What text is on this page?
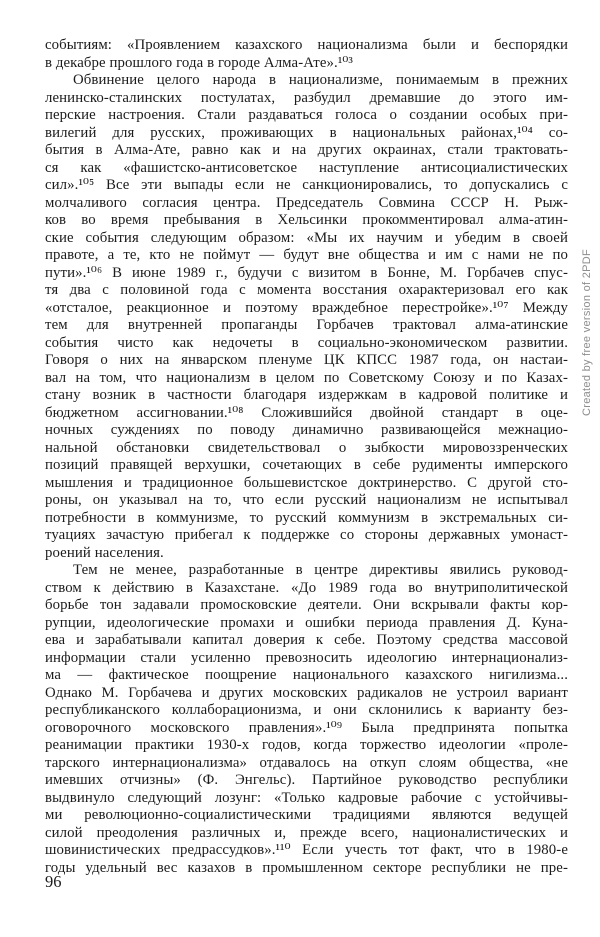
событиям: «Проявлением казахского национализма были и беспорядки
в декабре прошлого года в городе Алма-Ате».¹⁰³
Обвинение целого народа в национализме, понимаемым в прежних
ленинско-сталинских постулатах, разбудил дремавшие до этого им-
перские настроения. Стали раздаваться голоса о создании особых при-
вилегий для русских, проживающих в национальных районах,¹⁰⁴ со-
бытия в Алма-Ате, равно как и на других окраинах, стали трактовать-
ся как «фашистско-антисоветское наступление антисоциалистических
сил».¹⁰⁵ Все эти выпады если не санкционировались, то допускались с
молчаливого согласия центра. Председатель Совмина СССР Н. Рыж-
ков во время пребывания в Хельсинки прокомментировал алма-атин-
ские события следующим образом: «Мы их научим и убедим в своей
правоте, а те, кто не поймут — будут вне общества и им с нами не по
пути».¹⁰⁶ В июне 1989 г., будучи с визитом в Бонне, М. Горбачев спус-
тя два с половиной года с момента восстания охарактеризовал его как
«отсталое, реакционное и поэтому враждебное перестройке».¹⁰⁷ Между
тем для внутренней пропаганды Горбачев трактовал алма-атинские
события чисто как недочеты в социально-экономическом развитии.
Говоря о них на январском пленуме ЦК КПСС 1987 года, он настаи-
вал на том, что национализм в целом по Советскому Союзу и по Казах-
стану возник в частности благодаря издержкам в кадровой политике и
бюджетном ассигновании.¹⁰⁸ Сложившийся двойной стандарт в оце-
ночных суждениях по поводу динамично развивающейся межнацио-
нальной обстановки свидетельствовал о зыбкости мировоззренческих
позиций правящей верхушки, сочетающих в себе рудименты имперского
мышления и традиционное большевистское доктринерство. С другой сто-
роны, он указывал на то, что если русский национализм не испытывал
потребности в коммунизме, то русский коммунизм в экстремальных си-
туациях зачастую прибегал к поддержке со стороны державных умонаст-
роений населения.
Тем не менее, разработанные в центре директивы явились руковод-
ством к действию в Казахстане. «До 1989 года во внутриполитической
борьбе тон задавали промосковские деятели. Они вскрывали факты кор-
рупции, идеологические промахи и ошибки периода правления Д. Куна-
ева и зарабатывали капитал доверия к себе. Поэтому средства массовой
информации стали усиленно превозносить идеологию интернационализ-
ма — фактическое поощрение национального казахского нигилизма...
Однако М. Горбачева и других московских радикалов не устроил вариант
республиканского коллаборационизма, и они склонились к варианту без-
оговорочного московского правления».¹⁰⁹ Была предпринята попытка
реанимации практики 1930-х годов, когда торжество идеологии «проле-
тарского интернационализма» отдавалось на откуп слоям общества, «не
имевших отчизны» (Ф. Энгельс). Партийное руководство республики
выдвинуло следующий лозунг: «Только кадровые рабочие с устойчивы-
ми революционно-социалистическими традициями являются ведущей
силой преодоления различных и, прежде всего, националистических и
шовинистических предрассудков».¹¹⁰ Если учесть тот факт, что в 1980-е
годы удельный вес казахов в промышленном секторе республики не пре-
96
Created by free version of 2PDF
